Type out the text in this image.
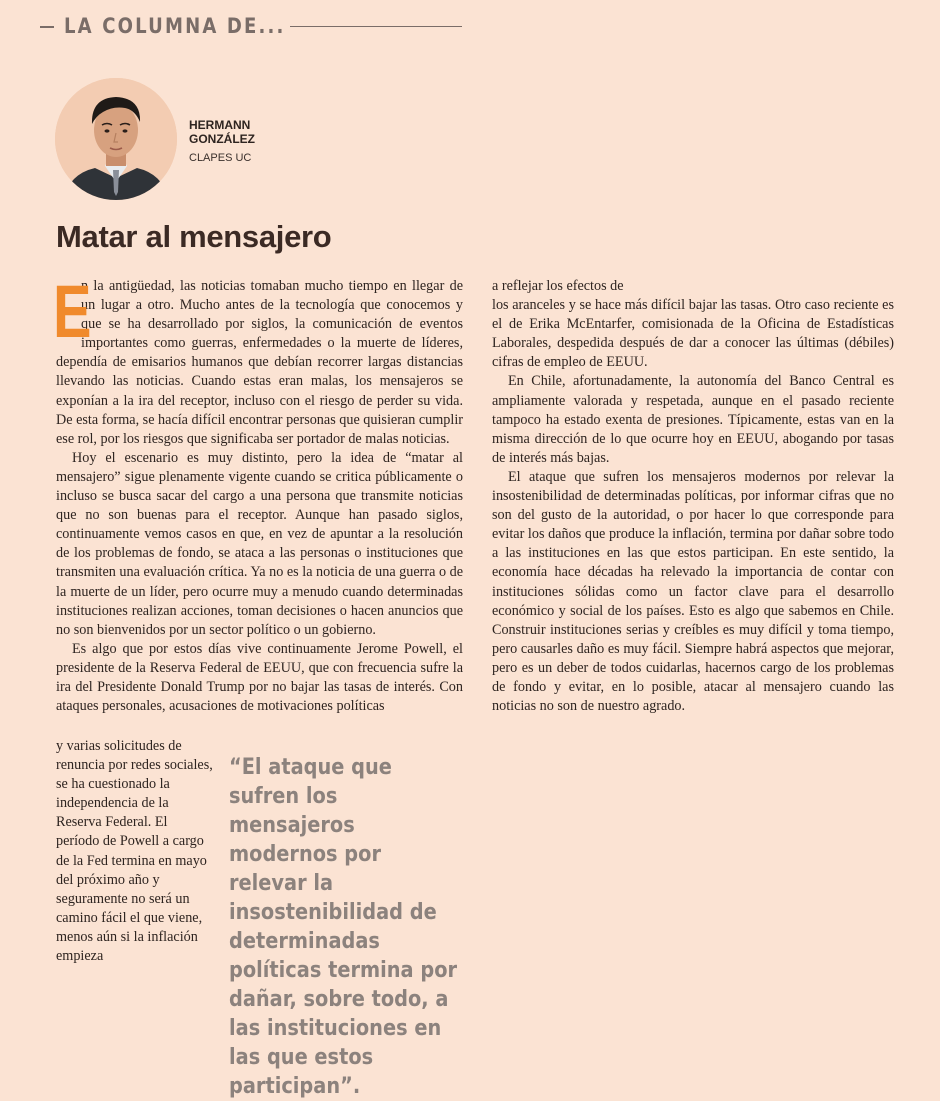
LA COLUMNA DE...
HERMANN GONZÁLEZ
CLAPES UC
Matar al mensajero

E
n la antigüedad, las noticias tomaban mucho tiempo en llegar de un lugar a otro. Mucho antes de la tecnología que conocemos y que se ha desarrollado por siglos, la comunicación de eventos importantes como guerras, enfermedades o la muerte de líderes, dependía de emisarios humanos que debían recorrer largas distancias llevando las noticias. Cuando estas eran malas, los mensajeros se exponían a la ira del receptor, incluso con el riesgo de perder su vida. De esta forma, se hacía difícil encontrar personas que quisieran cumplir ese rol, por los riesgos que significaba ser portador de malas noticias.

Hoy el escenario es muy distinto, pero la idea de “matar al mensajero” sigue plenamente vigente cuando se critica públicamente o incluso se busca sacar del cargo a una persona que transmite noticias que no son buenas para el receptor. Aunque han pasado siglos, continuamente vemos casos en que, en vez de apuntar a la resolución de los problemas de fondo, se ataca a las personas o instituciones que transmiten una evaluación crítica. Ya no es la noticia de una guerra o de la muerte de un líder, pero ocurre muy a menudo cuando determinadas instituciones realizan acciones, toman decisiones o hacen anuncios que no son bienvenidos por un sector político o un gobierno.

Es algo que por estos días vive continuamente Jerome Powell, el presidente de la Reserva Federal de EEUU, que con frecuencia sufre la ira del Presidente Donald Trump por no bajar las tasas de interés. Con ataques personales, acusaciones de motivaciones políticas

y varias solicitudes de renuncia por redes sociales, se ha cuestionado la independencia de la Reserva Federal. El período de Powell a cargo de la Fed termina en mayo del próximo año y seguramente no será un camino fácil el que viene, menos aún si la inflación empieza

“El ataque que sufren los mensajeros modernos por relevar la insostenibilidad de determinadas políticas termina por dañar, sobre todo, a las instituciones en las que estos participan”.

a reflejar los efectos de

los aranceles y se hace más difícil bajar las tasas. Otro caso reciente es el de Erika McEntarfer, comisionada de la Oficina de Estadísticas Laborales, despedida después de dar a conocer las últimas (débiles) cifras de empleo de EEUU.

En Chile, afortunadamente, la autonomía del Banco Central es ampliamente valorada y respetada, aunque en el pasado reciente tampoco ha estado exenta de presiones. Típicamente, estas van en la misma dirección de lo que ocurre hoy en EEUU, abogando por tasas de interés más bajas.

El ataque que sufren los mensajeros modernos por relevar la insostenibilidad de determinadas políticas, por informar cifras que no son del gusto de la autoridad, o por hacer lo que corresponde para evitar los daños que produce la inflación, termina por dañar sobre todo a las instituciones en las que estos participan. En este sentido, la economía hace décadas ha relevado la importancia de contar con instituciones sólidas como un factor clave para el desarrollo económico y social de los países. Esto es algo que sabemos en Chile. Construir instituciones serias y creíbles es muy difícil y toma tiempo, pero causarles daño es muy fácil. Siempre habrá aspectos que mejorar, pero es un deber de todos cuidarlas, hacernos cargo de los problemas de fondo y evitar, en lo posible, atacar al mensajero cuando las noticias no son de nuestro agrado.
